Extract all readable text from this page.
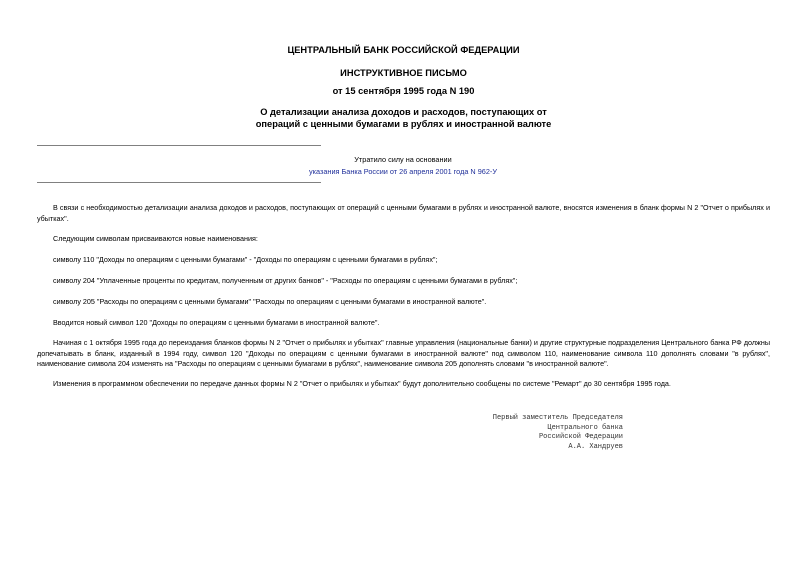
ЦЕНТРАЛЬНЫЙ БАНК РОССИЙСКОЙ ФЕДЕРАЦИИ
ИНСТРУКТИВНОЕ ПИСЬМО
от 15 сентября 1995 года N 190
О детализации анализа доходов и расходов, поступающих от
операций с ценными бумагами в рублях и иностранной валюте
Утратило силу на основании
указания Банка России от 26 апреля 2001 года N 962-У

В связи с необходимостью детализации анализа доходов и расходов, поступающих от операций с ценными бумагами в рублях и иностранной валюте, вносятся изменения в бланк формы N 2 "Отчет о прибылях и убытках".

Следующим символам присваиваются новые наименования:

символу 110 "Доходы по операциям с ценными бумагами" - "Доходы по операциям с ценными бумагами в рублях";

символу 204 "Уплаченные проценты по кредитам, полученным от других банков" - "Расходы по операциям с ценными бумагами в рублях";

символу 205 "Расходы по операциям с ценными бумагами" "Расходы по операциям с ценными бумагами в иностранной валюте".

Вводится новый символ 120 "Доходы по операциям с ценными бумагами в иностранной валюте".

Начиная с 1 октября 1995 года до переиздания бланков формы N 2 "Отчет о прибылях и убытках" главные управления (национальные банки) и другие структурные подразделения Центрального банка РФ должны допечатывать в бланк, изданный в 1994 году, символ 120 "Доходы по операциям с ценными бумагами в иностранной валюте" под символом 110, наименование символа 110 дополнять словами "в рублях", наименование символа 204 изменять на "Расходы по операциям с ценными бумагами в рублях", наименование символа 205 дополнять словами "в иностранной валюте".

Изменения в программном обеспечении по передаче данных формы N 2 "Отчет о прибылях и убытках" будут дополнительно сообщены по системе "Ремарт" до 30 сентября 1995 года.

Первый заместитель Председателя
Центрального банка
Российской Федерации
А.А. Хандруев
